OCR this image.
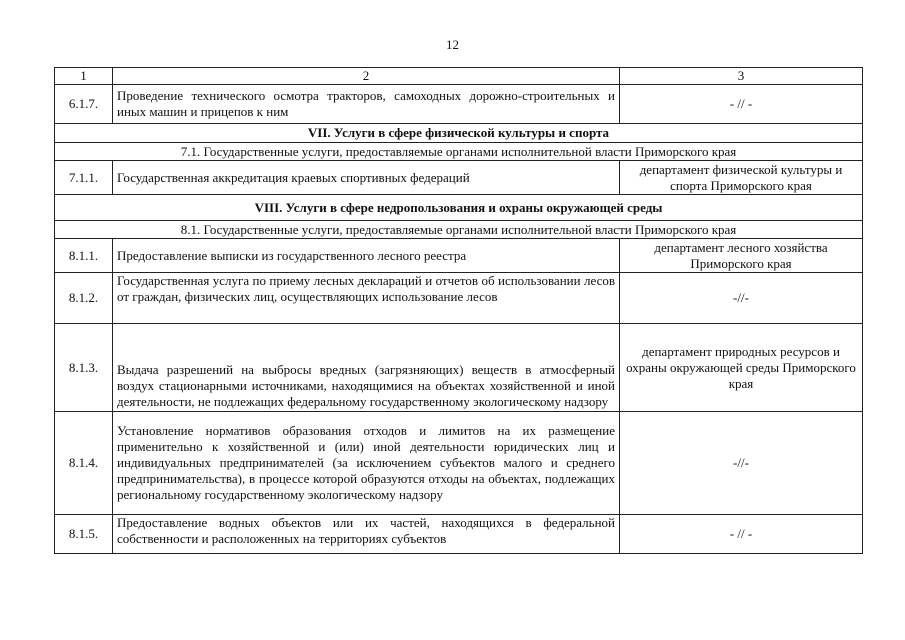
12
1	2	3
6.1.7.	Проведение технического осмотра тракторов, самоходных дорожно-строительных и иных машин и прицепов к ним	- // -
VII. Услуги в сфере физической культуры и спорта		
7.1. Государственные услуги, предоставляемые органами исполнительной власти Приморского края		
7.1.1.	Государственная аккредитация краевых спортивных федераций	департамент физической культуры и спорта Приморского края
VIII. Услуги в сфере недропользования и охраны окружающей среды		
8.1. Государственные услуги, предоставляемые органами исполнительной власти Приморского края		
8.1.1.	Предоставление выписки из государственного лесного реестра	департамент лесного хозяйства Приморского края
8.1.2.	Государственная услуга по приему лесных деклараций и отчетов об использовании лесов от граждан, физических лиц, осуществляющих использование лесов	-//-
8.1.3.	Выдача разрешений на выбросы вредных (загрязняющих) веществ в атмосферный воздух стационарными источниками, находящимися на объектах хозяйственной и иной деятельности, не подлежащих федеральному государственному экологическому надзору	департамент природных ресурсов и охраны окружающей среды Приморского края
8.1.4.	Установление нормативов образования отходов и лимитов на их размещение применительно к хозяйственной и (или) иной деятельности юридических лиц и индивидуальных предпринимателей (за исключением субъектов малого и среднего предпринимательства), в процессе которой образуются отходы на объектах, подлежащих региональному государственному экологическому надзору	-//-
8.1.5.	Предоставление водных объектов или их частей, находящихся в федеральной собственности и расположенных на территориях субъектов	- // -
